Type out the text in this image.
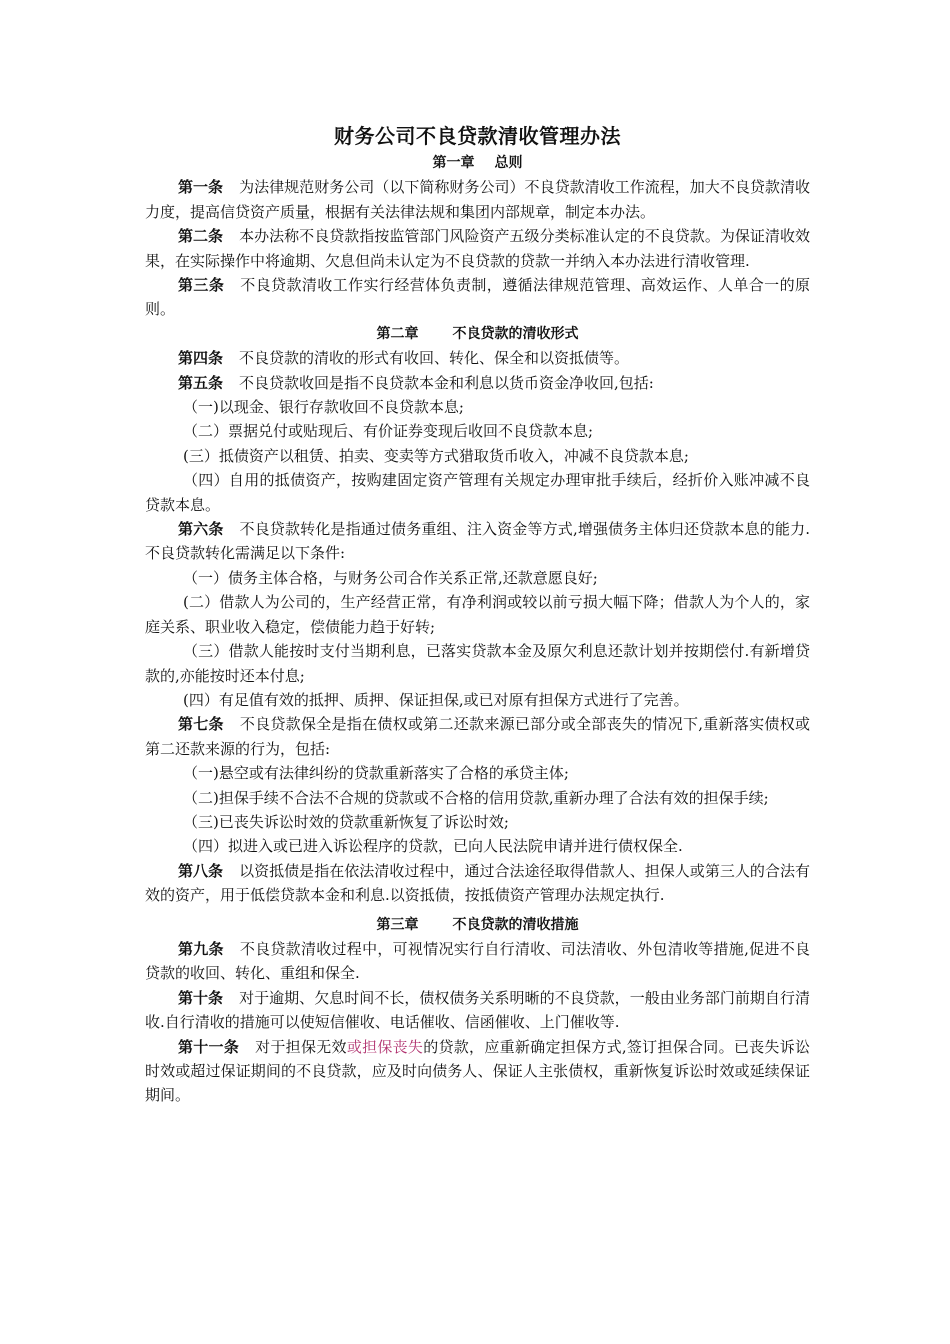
财务公司不良贷款清收管理办法
第一章 总则

第一条 为法律规范财务公司（以下简称财务公司）不良贷款清收工作流程，加大不良贷款清收力度，提高信贷资产质量，根据有关法律法规和集团内部规章，制定本办法。

第二条 本办法称不良贷款指按监管部门风险资产五级分类标准认定的不良贷款。为保证清收效果，在实际操作中将逾期、欠息但尚未认定为不良贷款的贷款一并纳入本办法进行清收管理.

第三条 不良贷款清收工作实行经营体负责制，遵循法律规范管理、高效运作、人单合一的原则。

第二章 不良贷款的清收形式

第四条 不良贷款的清收的形式有收回、转化、保全和以资抵债等。

第五条 不良贷款收回是指不良贷款本金和利息以货币资金净收回,包括:

（一)以现金、银行存款收回不良贷款本息;

（二）票据兑付或贴现后、有价证券变现后收回不良贷款本息;

(三）抵债资产以租赁、拍卖、变卖等方式猎取货币收入，冲减不良贷款本息;

（四）自用的抵债资产，按购建固定资产管理有关规定办理审批手续后，经折价入账冲减不良贷款本息。

第六条 不良贷款转化是指通过债务重组、注入资金等方式,增强债务主体归还贷款本息的能力.不良贷款转化需满足以下条件:

（一）债务主体合格，与财务公司合作关系正常,还款意愿良好;

(二）借款人为公司的，生产经营正常，有净利润或较以前亏损大幅下降；借款人为个人的，家庭关系、职业收入稳定，偿债能力趋于好转;

（三）借款人能按时支付当期利息，已落实贷款本金及原欠利息还款计划并按期偿付.有新增贷款的,亦能按时还本付息;

(四）有足值有效的抵押、质押、保证担保,或已对原有担保方式进行了完善。

第七条 不良贷款保全是指在债权或第二还款来源已部分或全部丧失的情况下,重新落实债权或第二还款来源的行为，包括:

（一)悬空或有法律纠纷的贷款重新落实了合格的承贷主体;

（二)担保手续不合法不合规的贷款或不合格的信用贷款,重新办理了合法有效的担保手续;

（三)已丧失诉讼时效的贷款重新恢复了诉讼时效;

（四）拟进入或已进入诉讼程序的贷款，已向人民法院申请并进行债权保全.

第八条 以资抵债是指在依法清收过程中，通过合法途径取得借款人、担保人或第三人的合法有效的资产，用于低偿贷款本金和利息.以资抵债，按抵债资产管理办法规定执行.

第三章 不良贷款的清收措施

第九条 不良贷款清收过程中，可视情况实行自行清收、司法清收、外包清收等措施,促进不良贷款的收回、转化、重组和保全.

第十条 对于逾期、欠息时间不长，债权债务关系明晰的不良贷款，一般由业务部门前期自行清收.自行清收的措施可以使短信催收、电话催收、信函催收、上门催收等.

第十一条 对于担保无效或担保丧失的贷款，应重新确定担保方式,签订担保合同。已丧失诉讼时效或超过保证期间的不良贷款，应及时向债务人、保证人主张债权，重新恢复诉讼时效或延续保证期间。
